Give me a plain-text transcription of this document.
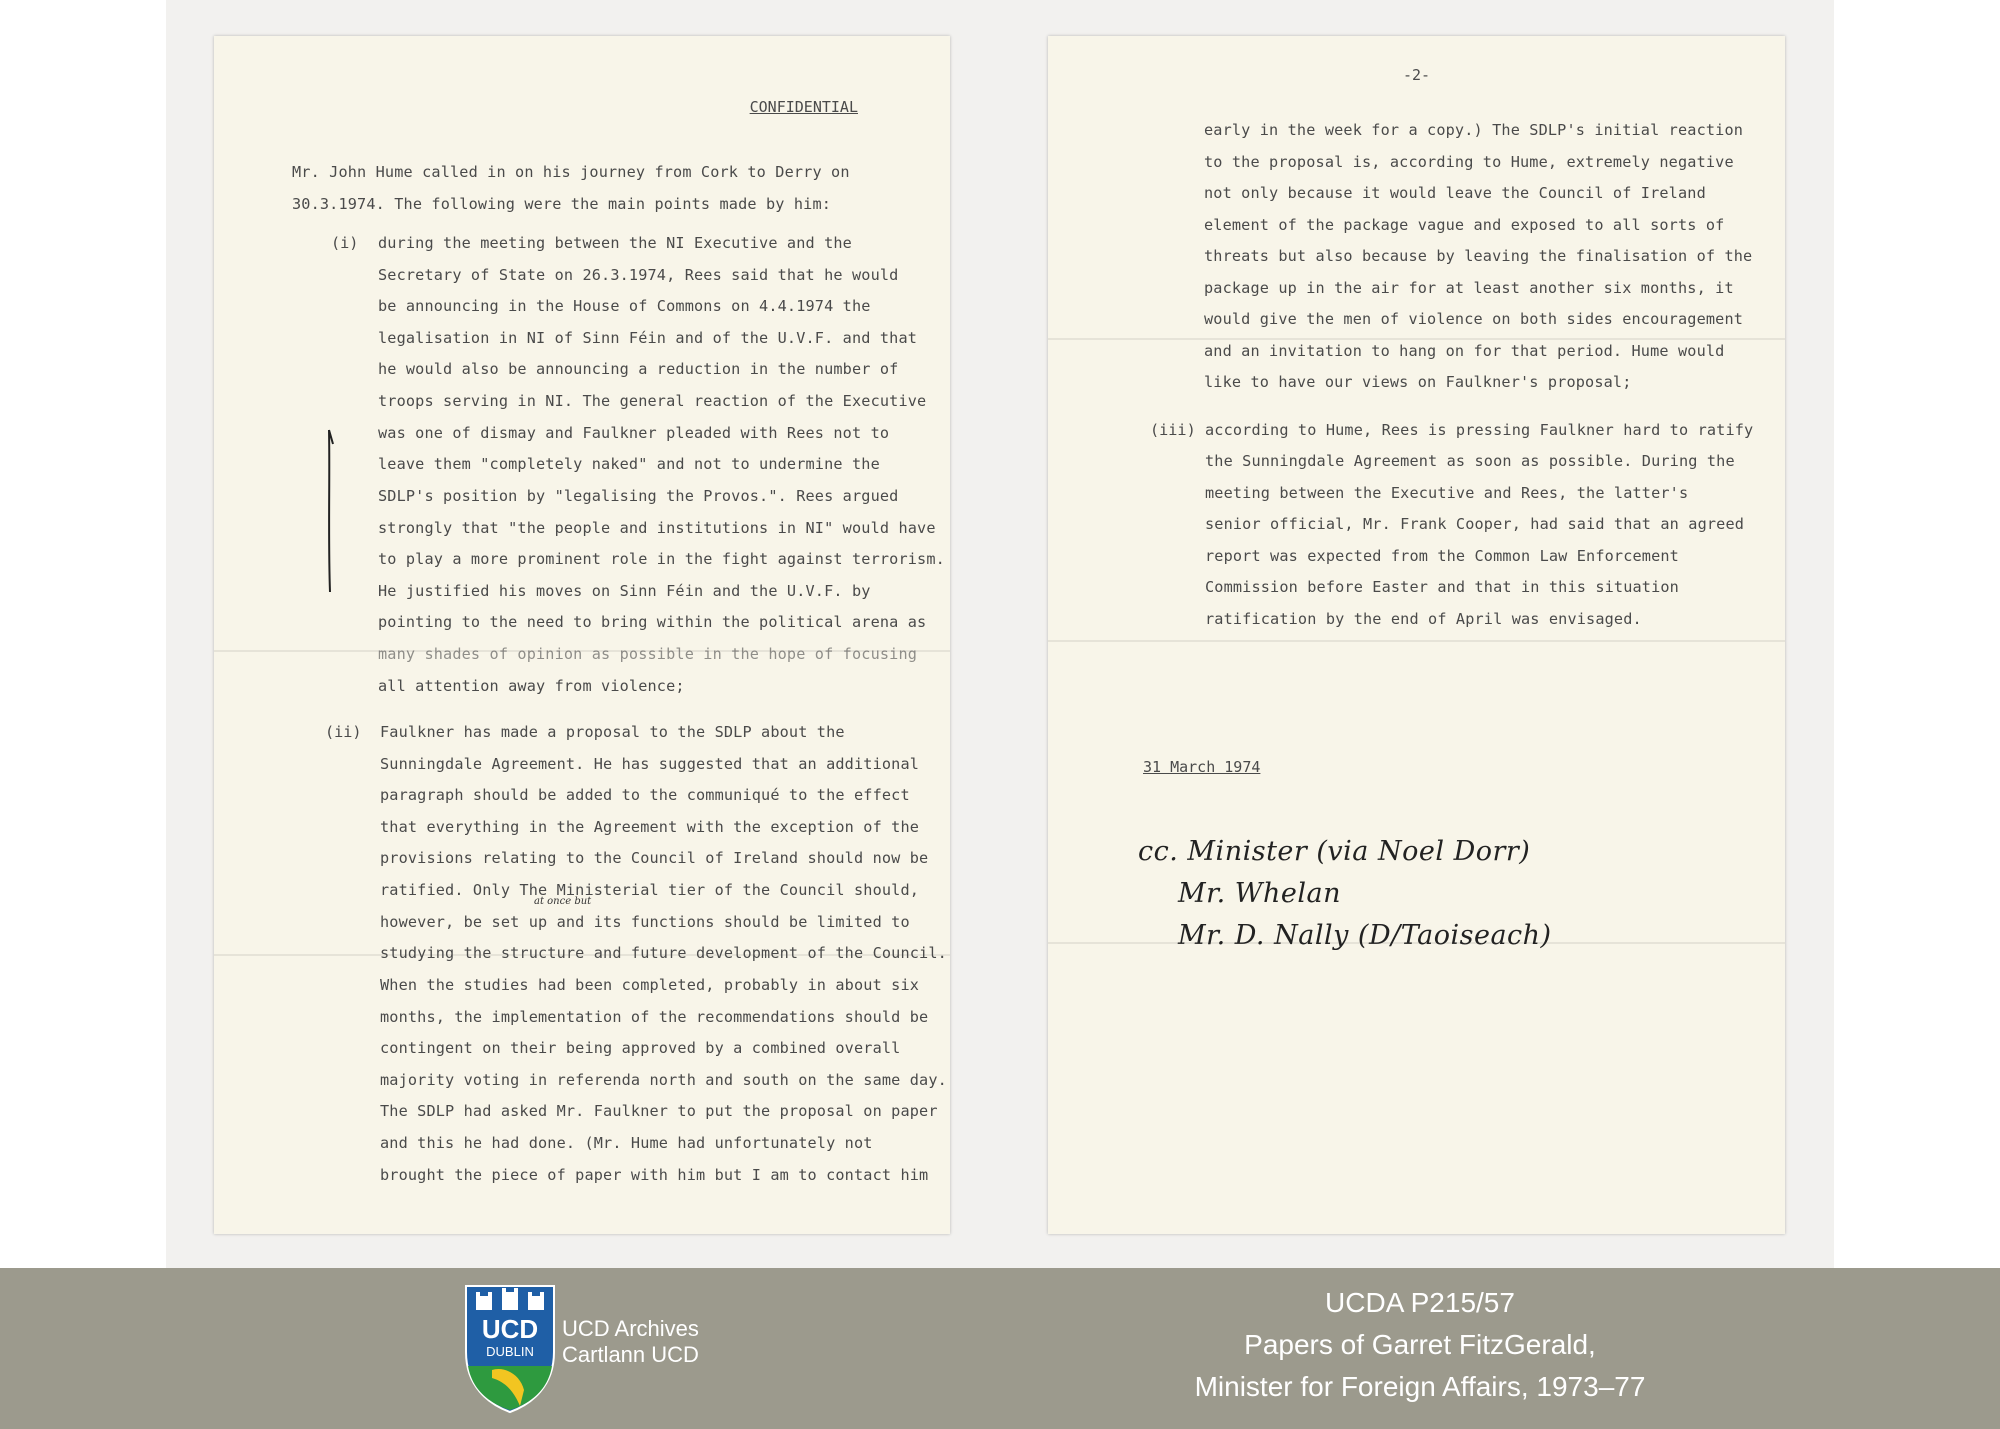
CONFIDENTIAL
Mr. John Hume called in on his journey from Cork to Derry on
30.3.1974. The following were the main points made by him:
(i) during the meeting between the NI Executive and the
Secretary of State on 26.3.1974, Rees said that he would
be announcing in the House of Commons on 4.4.1974 the
legalisation in NI of Sinn Féin and of the U.V.F. and that
he would also be announcing a reduction in the number of
troops serving in NI. The general reaction of the Executive
was one of dismay and Faulkner pleaded with Rees not to
leave them "completely naked" and not to undermine the
SDLP's position by "legalising the Provos.". Rees argued
strongly that "the people and institutions in NI" would have
to play a more prominent role in the fight against terrorism.
He justified his moves on Sinn Féin and the U.V.F. by
pointing to the need to bring within the political arena as
many shades of opinion as possible in the hope of focusing
all attention away from violence;
(ii) Faulkner has made a proposal to the SDLP about the
Sunningdale Agreement. He has suggested that an additional
paragraph should be added to the communiqué to the effect
that everything in the Agreement with the exception of the
provisions relating to the Council of Ireland should now be
ratified. Only The Ministerial tier of the Council should,
however, be set up and its functions should be limited to
studying the structure and future development of the Council.
When the studies had been completed, probably in about six
months, the implementation of the recommendations should be
contingent on their being approved by a combined overall
majority voting in referenda north and south on the same day.
The SDLP had asked Mr. Faulkner to put the proposal on paper
and this he had done. (Mr. Hume had unfortunately not
brought the piece of paper with him but I am to contact him
at once but
-2-
early in the week for a copy.) The SDLP's initial reaction
to the proposal is, according to Hume, extremely negative
not only because it would leave the Council of Ireland
element of the package vague and exposed to all sorts of
threats but also because by leaving the finalisation of the
package up in the air for at least another six months, it
would give the men of violence on both sides encouragement
and an invitation to hang on for that period. Hume would
like to have our views on Faulkner's proposal;
(iii) according to Hume, Rees is pressing Faulkner hard to ratify
the Sunningdale Agreement as soon as possible. During the
meeting between the Executive and Rees, the latter's
senior official, Mr. Frank Cooper, had said that an agreed
report was expected from the Common Law Enforcement
Commission before Easter and that in this situation
ratification by the end of April was envisaged.
31 March 1974
cc. Minister (via Noel Dorr)
Mr. Whelan
Mr. D. Nally (D/Taoiseach)
UCD
DUBLIN
UCD Archives
Cartlann UCD
UCDA P215/57
Papers of Garret FitzGerald,
Minister for Foreign Affairs, 1973–77
